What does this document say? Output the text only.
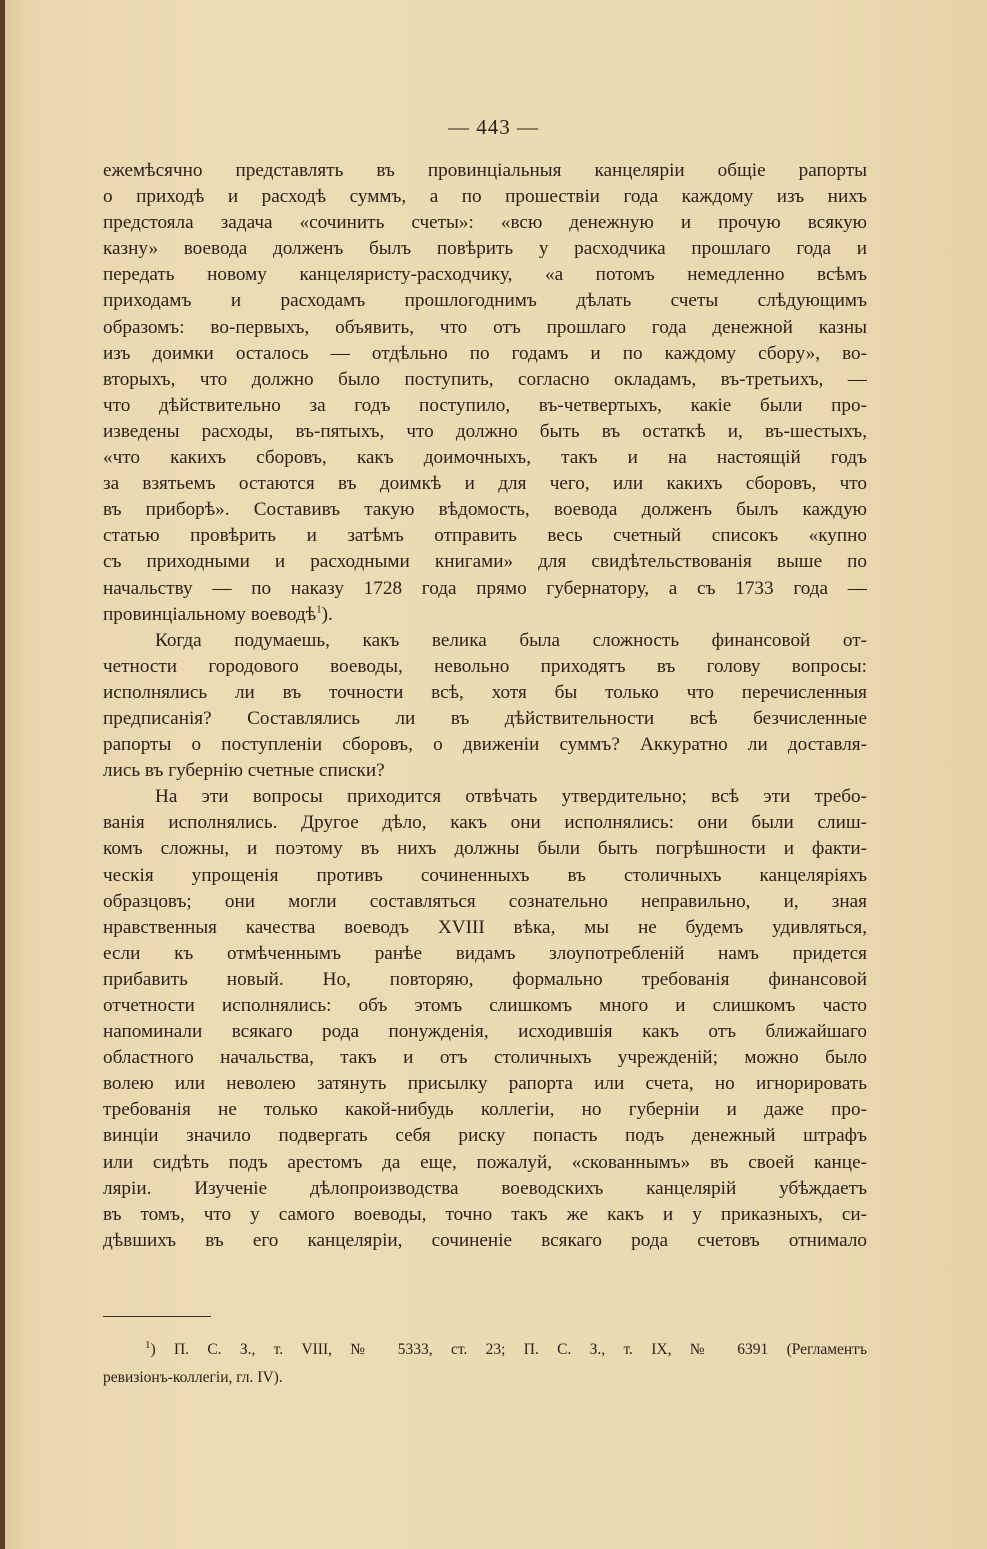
— 443 —
ежемѣсячно представлять въ провинціальныя канцеляріи общіе рапорты
о приходѣ и расходѣ суммъ, а по прошествіи года каждому изъ нихъ
предстояла задача «сочинить счеты»: «всю денежную и прочую всякую
казну» воевода долженъ былъ повѣрить у расходчика прошлаго года и
передать новому канцеляристу-расходчику, «а потомъ немедленно всѣмъ
приходамъ и расходамъ прошлогоднимъ дѣлать счеты слѣдующимъ
образомъ: во-первыхъ, объявить, что отъ прошлаго года денежной казны
изъ доимки осталось — отдѣльно по годамъ и по каждому сбору», во-
вторыхъ, что должно было поступить, согласно окладамъ, въ-третьихъ, —
что дѣйствительно за годъ поступило, въ-четвертыхъ, какіе были про-
изведены расходы, въ-пятыхъ, что должно быть въ остаткѣ и, въ-шестыхъ,
«что какихъ сборовъ, какъ доимочныхъ, такъ и на настоящій годъ
за взятьемъ остаются въ доимкѣ и для чего, или какихъ сборовъ, что
въ приборѣ». Составивъ такую вѣдомость, воевода долженъ былъ каждую
статью провѣрить и затѣмъ отправить весь счетный списокъ «купно
съ приходными и расходными книгами» для свидѣтельствованія выше по
начальству — по наказу 1728 года прямо губернатору, а съ 1733 года —
провинціальному воеводѣ$^1$).
Когда подумаешь, какъ велика была сложность финансовой от-
четности городового воеводы, невольно приходятъ въ голову вопросы:
исполнялись ли въ точности всѣ, хотя бы только что перечисленныя
предписанія? Составлялись ли въ дѣйствительности всѣ безчисленные
рапорты о поступленіи сборовъ, о движеніи суммъ? Аккуратно ли доставля-
лись въ губернію счетные списки?
На эти вопросы приходится отвѣчать утвердительно; всѣ эти требо-
ванія исполнялись. Другое дѣло, какъ они исполнялись: они были слиш-
комъ сложны, и поэтому въ нихъ должны были быть погрѣшности и факти-
ческія упрощенія противъ сочиненныхъ въ столичныхъ канцеляріяхъ
образцовъ; они могли составляться сознательно неправильно, и, зная
нравственныя качества воеводъ XVIII вѣка, мы не будемъ удивляться,
если къ отмѣченнымъ ранѣе видамъ злоупотребленій намъ придется
прибавить новый. Но, повторяю, формально требованія финансовой
отчетности исполнялись: объ этомъ слишкомъ много и слишкомъ часто
напоминали всякаго рода понужденія, исходившія какъ отъ ближайшаго
областного начальства, такъ и отъ столичныхъ учрежденій; можно было
волею или неволею затянуть присылку рапорта или счета, но игнорировать
требованія не только какой-нибудь коллегіи, но губерніи и даже про-
винціи значило подвергать себя риску попасть подъ денежный штрафъ
или сидѣть подъ арестомъ да еще, пожалуй, «скованнымъ» въ своей канце-
ляріи. Изученіе дѣлопроизводства воеводскихъ канцелярій убѣждаетъ
въ томъ, что у самого воеводы, точно такъ же какъ и у приказныхъ, си-
дѣвшихъ въ его канцеляріи, сочиненіе всякаго рода счетовъ отнимало
$^1$) П. С. З., т. VIII, № 5333, ст. 23; П. С. З., т. IX, № 6391 (Регламентъ
ревизіонъ-коллегіи, гл. IV).
